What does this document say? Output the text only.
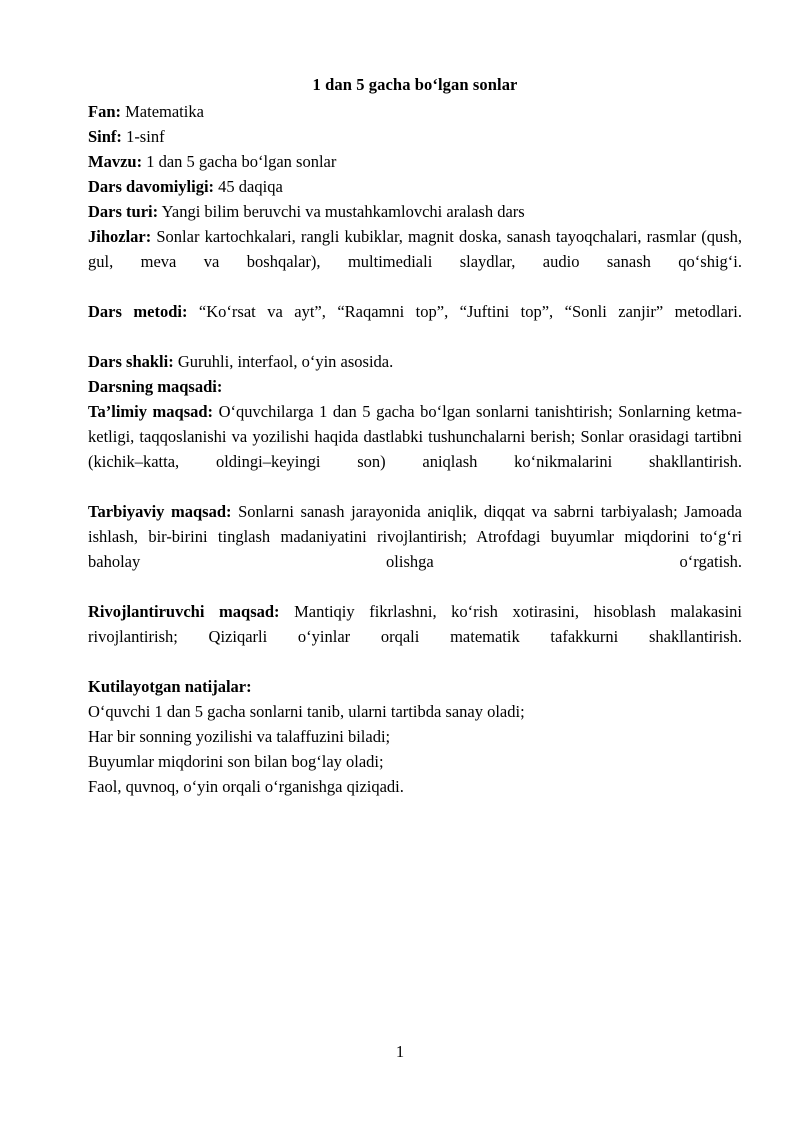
1 dan 5 gacha bo‘lgan sonlar

Fan: Matematika

Sinf: 1-sinf

Mavzu: 1 dan 5 gacha bo‘lgan sonlar

Dars davomiyligi: 45 daqiqa

Dars turi: Yangi bilim beruvchi va mustahkamlovchi aralash dars

Jihozlar: Sonlar kartochkalari, rangli kubiklar, magnit doska, sanash tayoqchalari, rasmlar (qush, gul, meva va boshqalar), multimediali slaydlar, audio sanash qo‘shig‘i.

Dars metodi: “Ko‘rsat va ayt”, “Raqamni top”, “Juftini top”, “Sonli zanjir” metodlari.

Dars shakli: Guruhli, interfaol, o‘yin asosida.

Darsning maqsadi:

Ta’limiy maqsad: O‘quvchilarga 1 dan 5 gacha bo‘lgan sonlarni tanishtirish; Sonlarning ketma-ketligi, taqqoslanishi va yozilishi haqida dastlabki tushunchalarni berish; Sonlar orasidagi tartibni (kichik–katta, oldingi–keyingi son) aniqlash ko‘nikmalarini shakllantirish.

Tarbiyaviy maqsad: Sonlarni sanash jarayonida aniqlik, diqqat va sabrni tarbiyalash; Jamoada ishlash, bir-birini tinglash madaniyatini rivojlantirish; Atrofdagi buyumlar miqdorini to‘g‘ri baholay olishga o‘rgatish.

Rivojlantiruvchi maqsad: Mantiqiy fikrlashni, ko‘rish xotirasini, hisoblash malakasini rivojlantirish; Qiziqarli o‘yinlar orqali matematik tafakkurni shakllantirish.

Kutilayotgan natijalar:

O‘quvchi 1 dan 5 gacha sonlarni tanib, ularni tartibda sanay oladi;

Har bir sonning yozilishi va talaffuzini biladi;

Buyumlar miqdorini son bilan bog‘lay oladi;

Faol, quvnoq, o‘yin orqali o‘rganishga qiziqadi.

1
